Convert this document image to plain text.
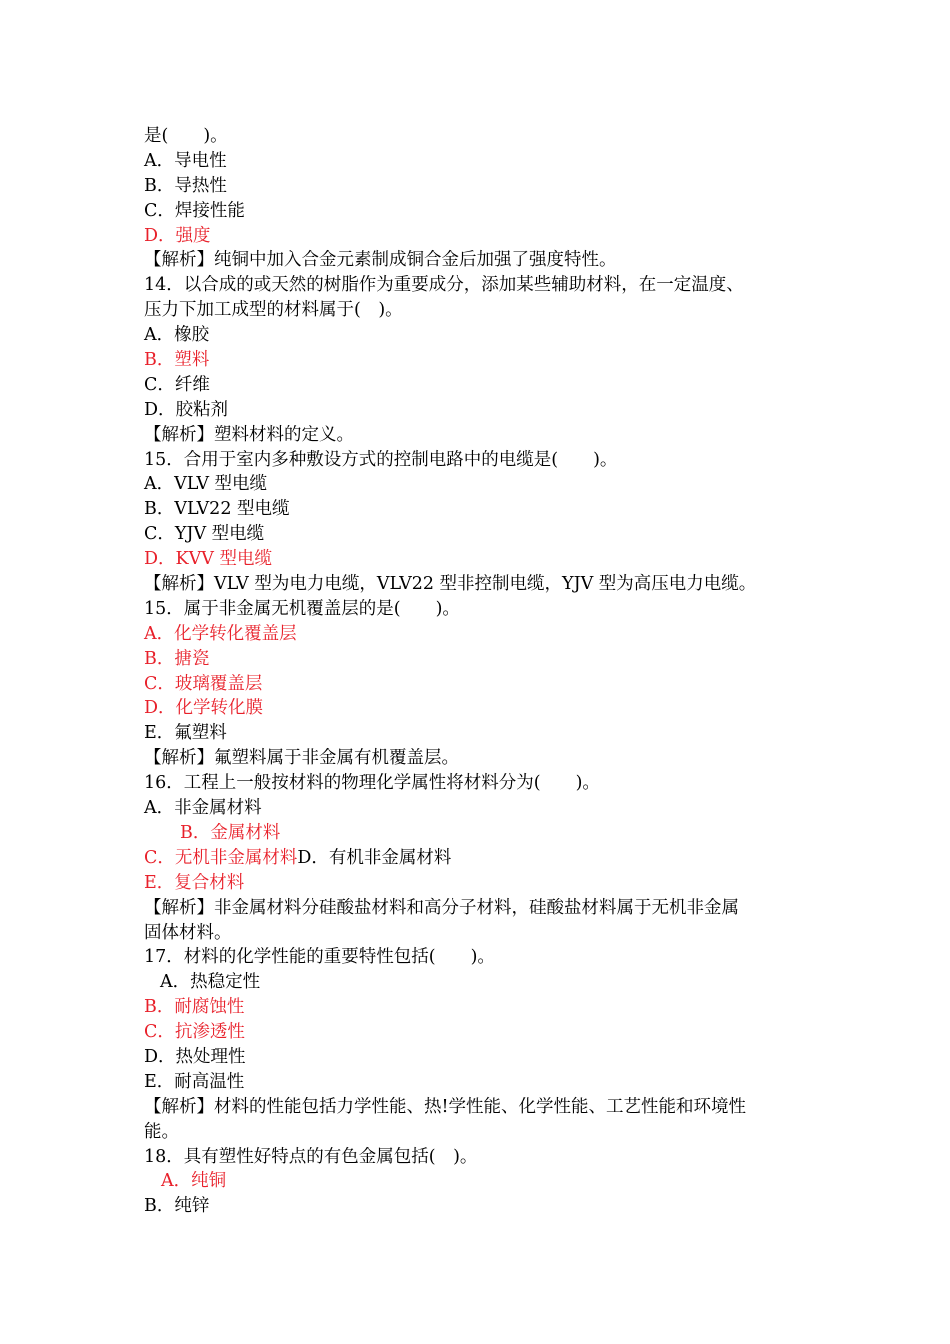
是(　　)。
A．导电性
B．导热性
C．焊接性能
D．强度
【解析】纯铜中加入合金元素制成铜合金后加强了强度特性。
14．以合成的或天然的树脂作为重要成分，添加某些辅助材料，在一定温度、
压力下加工成型的材料属于(　)。
A．橡胶
B．塑料
C．纤维
D．胶粘剂
【解析】塑料材料的定义。
15．合用于室内多种敷设方式的控制电路中的电缆是(　　)。
A．VLV 型电缆
B．VLV22 型电缆
C．YJV 型电缆
D．KVV 型电缆
【解析】VLV 型为电力电缆，VLV22 型非控制电缆，YJV 型为高压电力电缆。
15．属于非金属无机覆盖层的是(　　)。
A．化学转化覆盖层
B．搪瓷
C．玻璃覆盖层
D．化学转化膜
E．氟塑料
【解析】氟塑料属于非金属有机覆盖层。
16．工程上一般按材料的物理化学属性将材料分为(　　)。
A．非金属材料
B．金属材料
C．无机非金属材料D．有机非金属材料
E．复合材料
【解析】非金属材料分硅酸盐材料和高分子材料，硅酸盐材料属于无机非金属
固体材料。
17．材料的化学性能的重要特性包括(　　)。
A．热稳定性
B．耐腐蚀性
C．抗渗透性
D．热处理性
E．耐高温性
【解析】材料的性能包括力学性能、热!学性能、化学性能、工艺性能和环境性
能。
18．具有塑性好特点的有色金属包括(　)。
A．纯铜
B．纯锌
